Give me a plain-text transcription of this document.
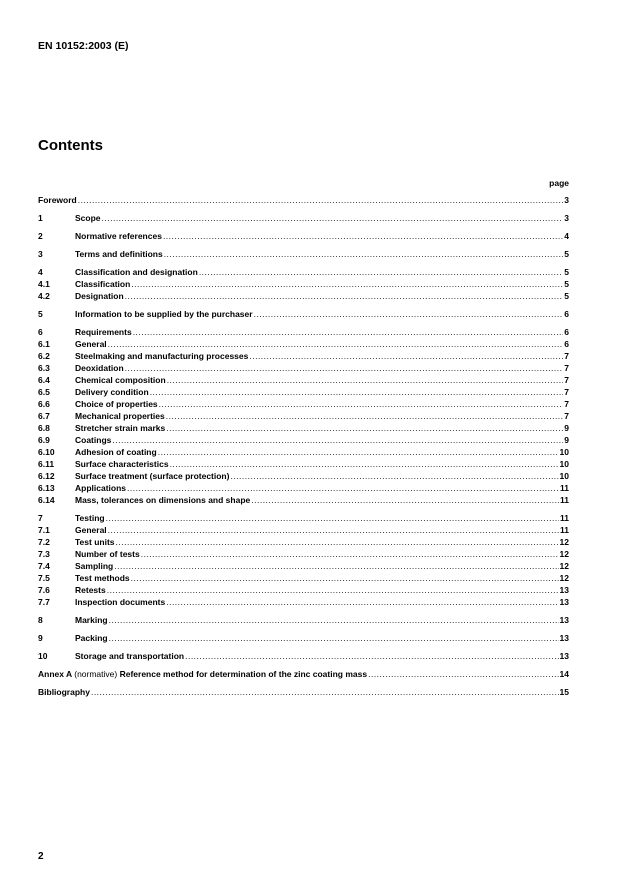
EN 10152:2003 (E)
Contents
page
Foreword .....	3
1	Scope .....	3
2	Normative references .....	4
3	Terms and definitions .....	5
4	Classification and designation .....	5
4.1	Classification .....	5
4.2	Designation .....	5
5	Information to be supplied by the purchaser .....	6
6	Requirements .....	6
6.1	General .....	6
6.2	Steelmaking and manufacturing processes .....	7
6.3	Deoxidation .....	7
6.4	Chemical composition .....	7
6.5	Delivery condition .....	7
6.6	Choice of properties .....	7
6.7	Mechanical properties .....	7
6.8	Stretcher strain marks .....	9
6.9	Coatings .....	9
6.10	Adhesion of coating .....	10
6.11	Surface characteristics .....	10
6.12	Surface treatment (surface protection) .....	10
6.13	Applications .....	11
6.14	Mass, tolerances on dimensions and shape .....	11
7	Testing .....	11
7.1	General .....	11
7.2	Test units .....	12
7.3	Number of tests .....	12
7.4	Sampling .....	12
7.5	Test methods .....	12
7.6	Retests .....	13
7.7	Inspection documents .....	13
8	Marking .....	13
9	Packing .....	13
10	Storage and transportation .....	13
Annex A (normative) Reference method for determination of the zinc coating mass .....	14
Bibliography .....	15
2
